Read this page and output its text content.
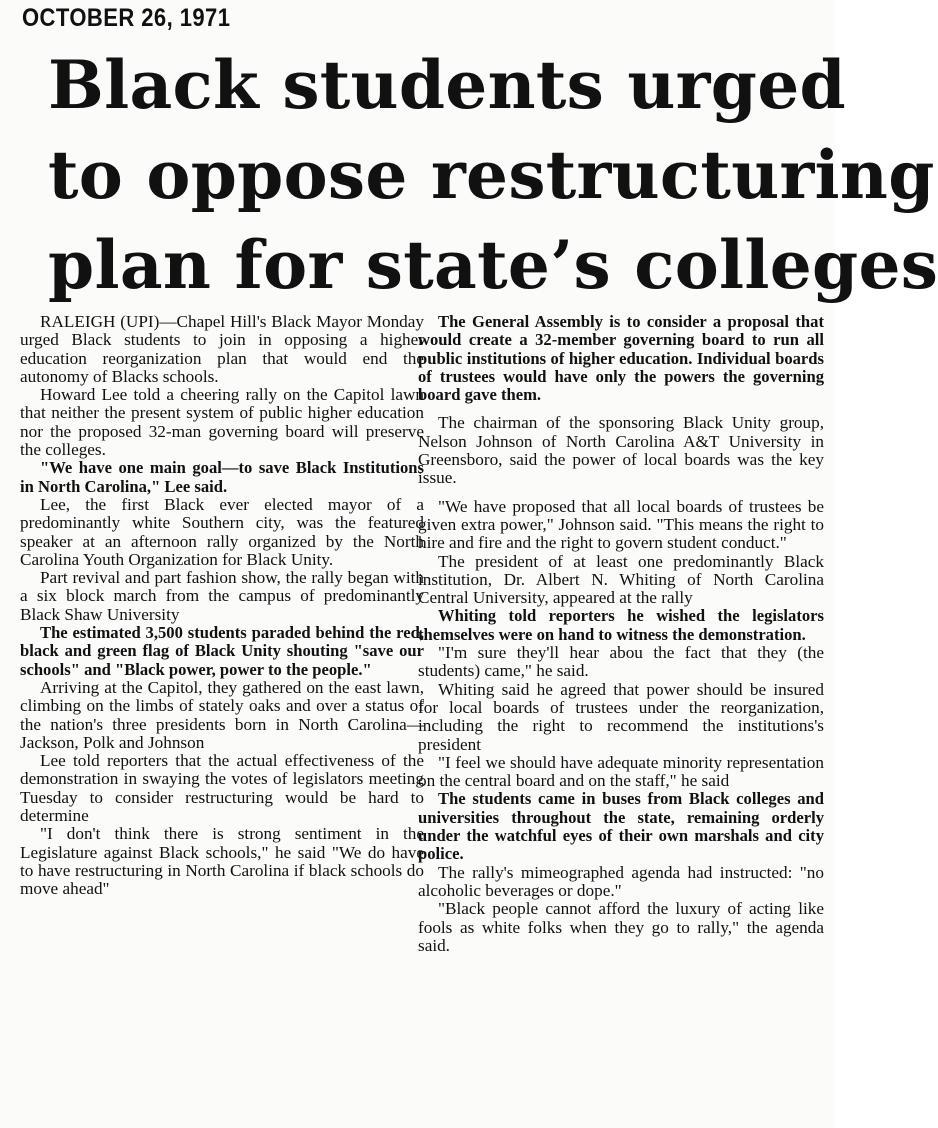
OCTOBER 26, 1971
Black students urged
to oppose restructuring
plan for state’s colleges

RALEIGH (UPI)—Chapel Hill's Black Mayor Monday urged Black students to join in opposing a higher education reorganization plan that would end the autonomy of Blacks schools.

Howard Lee told a cheering rally on the Capitol lawn that neither the present system of public higher education nor the proposed 32-man governing board will preserve the colleges.

"We have one main goal—to save Black Institutions in North Carolina," Lee said.

Lee, the first Black ever elected mayor of a predominantly white Southern city, was the featured speaker at an afternoon rally organized by the North Carolina Youth Organization for Black Unity.

Part revival and part fashion show, the rally began with a six block march from the campus of predominantly Black Shaw University

The estimated 3,500 students paraded behind the red, black and green flag of Black Unity shouting "save our schools" and "Black power, power to the people."

Arriving at the Capitol, they gathered on the east lawn, climbing on the limbs of stately oaks and over a status of the nation's three presidents born in North Carolina—Jackson, Polk and Johnson

Lee told reporters that the actual effectiveness of the demonstration in swaying the votes of legislators meeting Tuesday to consider restructuring would be hard to determine

"I don't think there is strong sentiment in the Legislature against Black schools," he said "We do have to have restructuring in North Carolina if black schools do move ahead"

The General Assembly is to consider a proposal that would create a 32-member governing board to run all public institutions of higher education. Individual boards of trustees would have only the powers the governing board gave them.

The chairman of the sponsoring Black Unity group, Nelson Johnson of North Carolina A&T University in Greensboro, said the power of local boards was the key issue.

"We have proposed that all local boards of trustees be given extra power," Johnson said. "This means the right to hire and fire and the right to govern student conduct."

The president of at least one predominantly Black institution, Dr. Albert N. Whiting of North Carolina Central University, appeared at the rally

Whiting told reporters he wished the legislators themselves were on hand to witness the demonstration.

"I'm sure they'll hear abou the fact that they (the students) came," he said.

Whiting said he agreed that power should be insured for local boards of trustees under the reorganization, including the right to recommend the institutions's president

"I feel we should have adequate minority representation on the central board and on the staff," he said

The students came in buses from Black colleges and universities throughout the state, remaining orderly under the watchful eyes of their own marshals and city police.

The rally's mimeographed agenda had instructed: "no alcoholic beverages or dope."

"Black people cannot afford the luxury of acting like fools as white folks when they go to rally," the agenda said.
